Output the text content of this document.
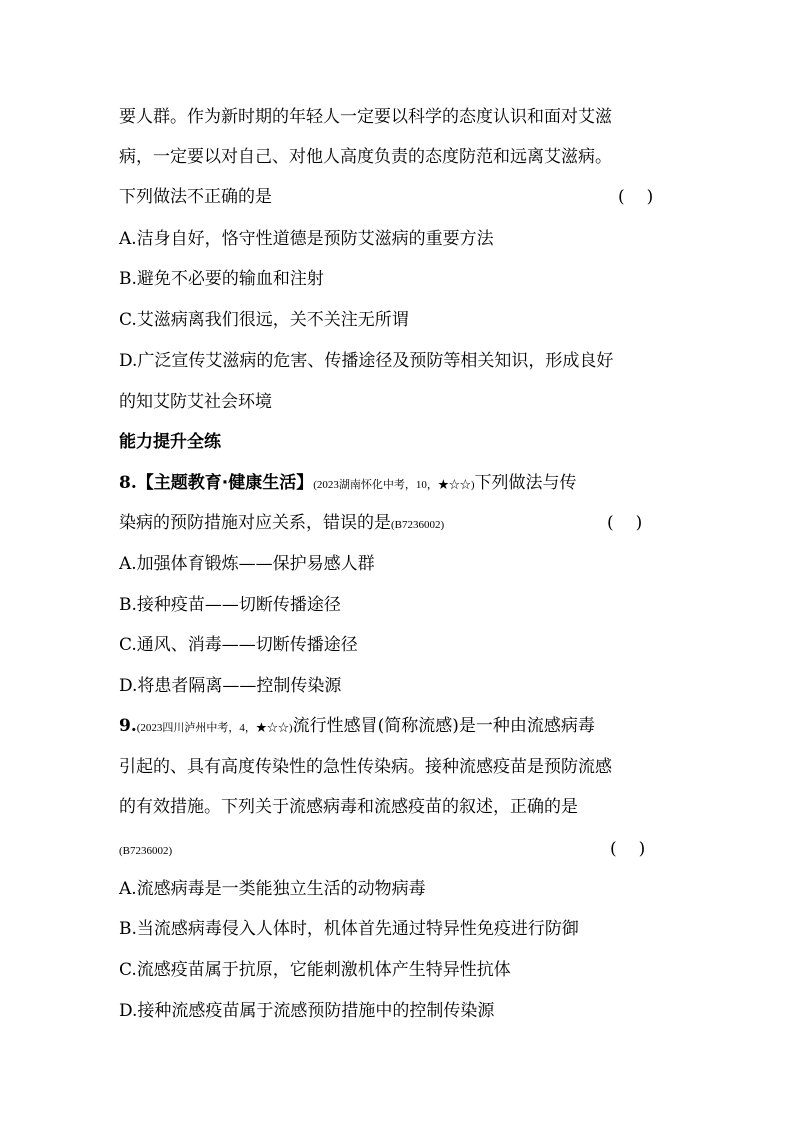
要人群。作为新时期的年轻人一定要以科学的态度认识和面对艾滋
病，一定要以对自己、对他人高度负责的态度防范和远离艾滋病。
下列做法不正确的是	( )
A.洁身自好，恪守性道德是预防艾滋病的重要方法
B.避免不必要的输血和注射
C.艾滋病离我们很远，关不关注无所谓
D.广泛宣传艾滋病的危害、传播途径及预防等相关知识，形成良好
的知艾防艾社会环境
能力提升全练
8.【主题教育·健康生活】(2023湖南怀化中考，10，★☆☆)下列做法与传
染病的预防措施对应关系，错误的是(B7236002)	( )
A.加强体育锻炼——保护易感人群
B.接种疫苗——切断传播途径
C.通风、消毒——切断传播途径
D.将患者隔离——控制传染源
9.(2023四川泸州中考，4，★☆☆)流行性感冒(简称流感)是一种由流感病毒
引起的、具有高度传染性的急性传染病。接种流感疫苗是预防流感
的有效措施。下列关于流感病毒和流感疫苗的叙述，正确的是
(B7236002)	( )
A.流感病毒是一类能独立生活的动物病毒
B.当流感病毒侵入人体时，机体首先通过特异性免疫进行防御
C.流感疫苗属于抗原，它能刺激机体产生特异性抗体
D.接种流感疫苗属于流感预防措施中的控制传染源
